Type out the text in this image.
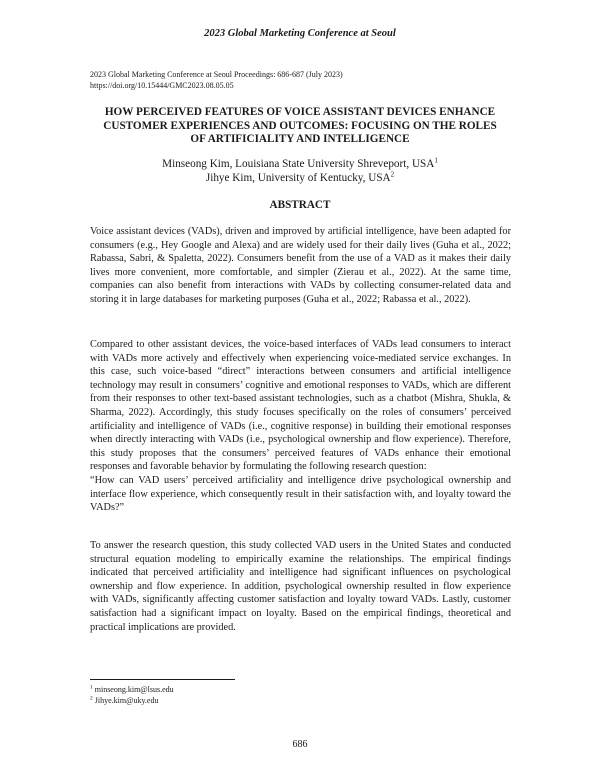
2023 Global Marketing Conference at Seoul
2023 Global Marketing Conference at Seoul Proceedings: 686-687 (July 2023)
https://doi.org/10.15444/GMC2023.08.05.05
HOW PERCEIVED FEATURES OF VOICE ASSISTANT DEVICES ENHANCE
CUSTOMER EXPERIENCES AND OUTCOMES: FOCUSING ON THE ROLES
OF ARTIFICIALITY AND INTELLIGENCE
Minseong Kim, Louisiana State University Shreveport, USA$^1$
Jihye Kim, University of Kentucky, USA$^2$
ABSTRACT

Voice assistant devices (VADs), driven and improved by artificial intelligence, have been adapted for consumers (e.g., Hey Google and Alexa) and are widely used for their daily lives (Guha et al., 2022; Rabassa, Sabri, & Spaletta, 2022). Consumers benefit from the use of a VAD as it makes their daily lives more convenient, more comfortable, and simpler (Zierau et al., 2022). At the same time, companies can also benefit from interactions with VADs by collecting consumer-related data and storing it in large databases for marketing purposes (Guha et al., 2022; Rabassa et al., 2022).

Compared to other assistant devices, the voice-based interfaces of VADs lead consumers to interact with VADs more actively and effectively when experiencing voice-mediated service exchanges. In this case, such voice-based “direct” interactions between consumers and artificial intelligence technology may result in consumers’ cognitive and emotional responses to VADs, which are different from their responses to other text-based assistant technologies, such as a chatbot (Mishra, Shukla, & Sharma, 2022). Accordingly, this study focuses specifically on the roles of consumers’ perceived artificiality and intelligence of VADs (i.e., cognitive response) in building their emotional responses when directly interacting with VADs (i.e., psychological ownership and flow experience). Therefore, this study proposes that the consumers’ perceived features of VADs enhance their emotional responses and favorable behavior by formulating the following research question:

“How can VAD users’ perceived artificiality and intelligence drive psychological ownership and interface flow experience, which consequently result in their satisfaction with, and loyalty toward the VADs?”

To answer the research question, this study collected VAD users in the United States and conducted structural equation modeling to empirically examine the relationships. The empirical findings indicated that perceived artificiality and intelligence had significant influences on psychological ownership and flow experience. In addition, psychological ownership resulted in flow experience with VADs, significantly affecting customer satisfaction and loyalty toward VADs. Lastly, customer satisfaction had a significant impact on loyalty. Based on the empirical findings, theoretical and practical implications are provided.

$^1$ minseong.kim@lsus.edu
$^2$ Jihye.kim@uky.edu
686
